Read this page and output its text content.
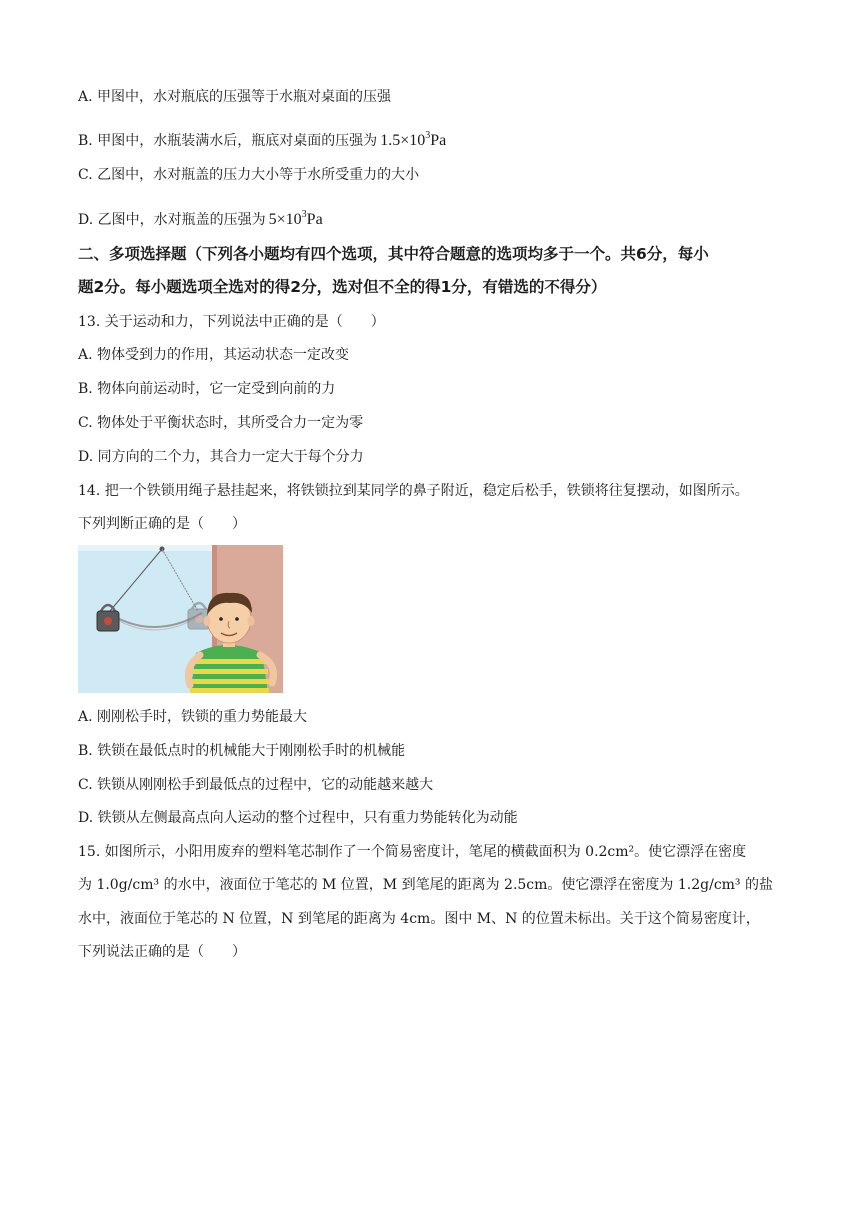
A. 甲图中，水对瓶底的压强等于水瓶对桌面的压强
B. 甲图中，水瓶装满水后，瓶底对桌面的压强为 $1.5\times 10^3Pa$
C. 乙图中，水对瓶盖的压力大小等于水所受重力的大小
D. 乙图中，水对瓶盖的压强为 $5\times 10^3Pa$
二、多项选择题（下列各小题均有四个选项，其中符合题意的选项均多于一个。共6分，每小
题2分。每小题选项全选对的得2分，选对但不全的得1分，有错选的不得分）
13. 关于运动和力，下列说法中正确的是（　　）
A. 物体受到力的作用，其运动状态一定改变
B. 物体向前运动时，它一定受到向前的力
C. 物体处于平衡状态时，其所受合力一定为零
D. 同方向的二个力，其合力一定大于每个分力
14. 把一个铁锁用绳子悬挂起来，将铁锁拉到某同学的鼻子附近，稳定后松手，铁锁将往复摆动，如图所示。
下列判断正确的是（　　）
A. 刚刚松手时，铁锁的重力势能最大
B. 铁锁在最低点时的机械能大于刚刚松手时的机械能
C. 铁锁从刚刚松手到最低点的过程中，它的动能越来越大
D. 铁锁从左侧最高点向人运动的整个过程中，只有重力势能转化为动能
15. 如图所示，小阳用废弃的塑料笔芯制作了一个简易密度计，笔尾的横截面积为 0.2cm²。使它漂浮在密度
为 1.0g/cm³ 的水中，液面位于笔芯的 M 位置，M 到笔尾的距离为 2.5cm。使它漂浮在密度为 1.2g/cm³ 的盐
水中，液面位于笔芯的 N 位置，N 到笔尾的距离为 4cm。图中 M、N 的位置未标出。关于这个简易密度计，
下列说法正确的是（　　）
